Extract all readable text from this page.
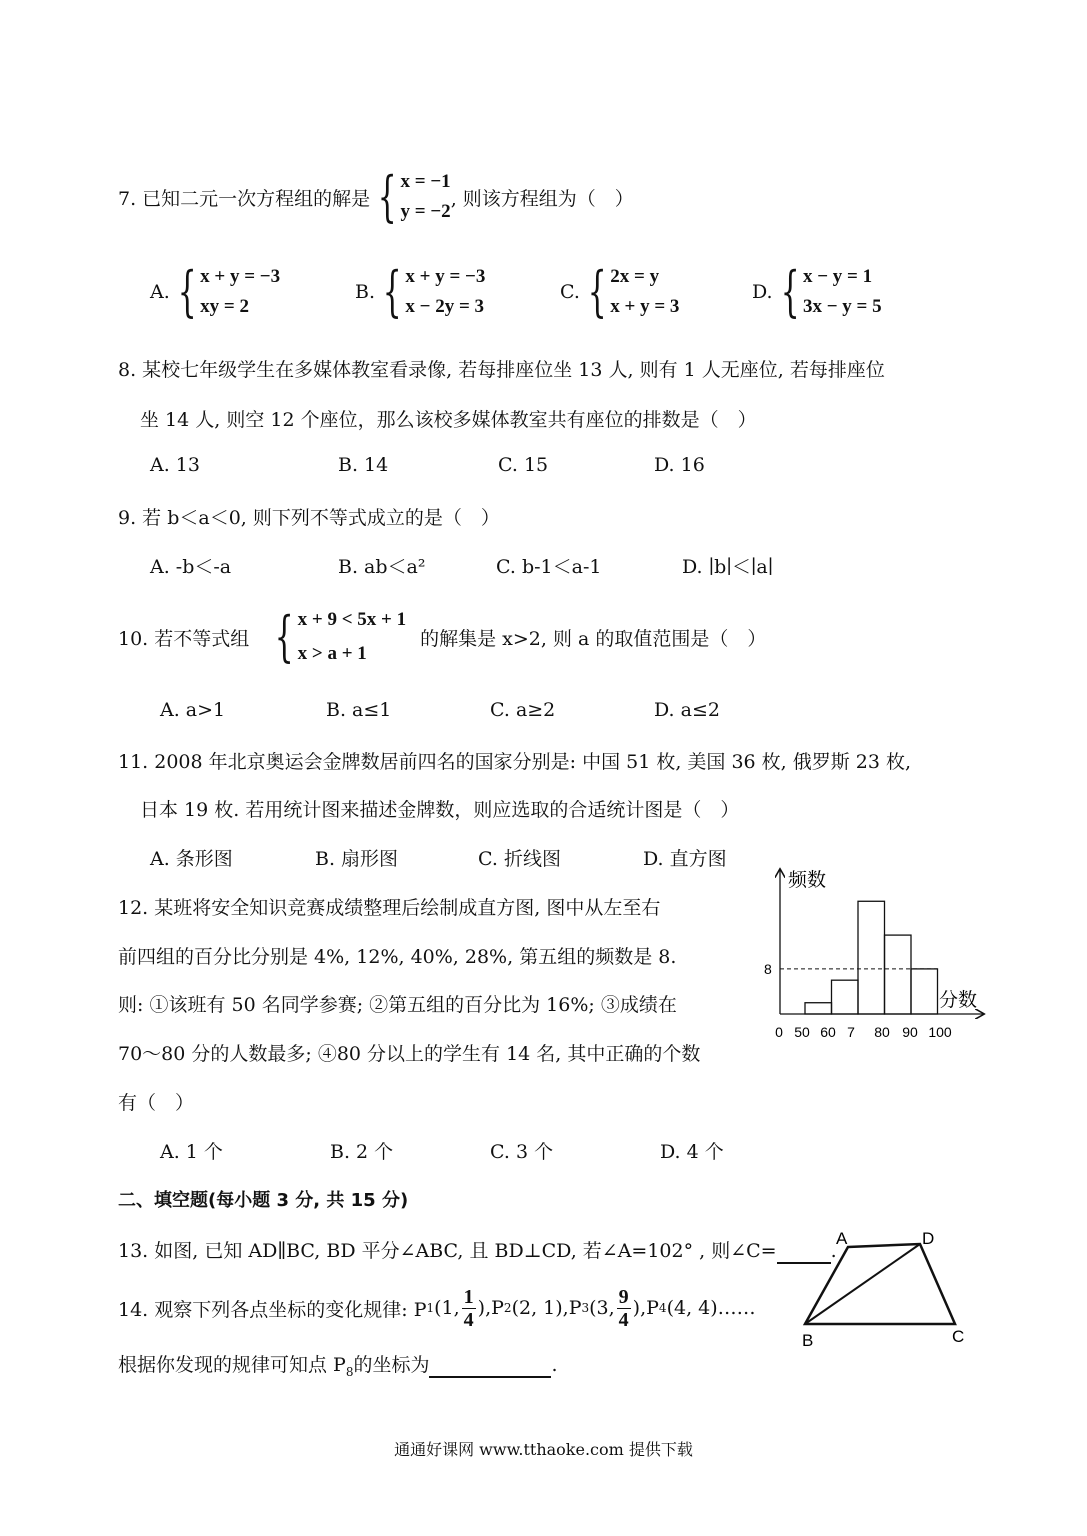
7. 已知二元一次方程组的解是 { x = −1
y = −2
, 则该方程组为（　）
A. { x + y = −3
xy = 2
B. { x + y = −3
x − 2y = 3
C. { 2x = y
x + y = 3
D. { x − y = 1
3x − y = 5
8. 某校七年级学生在多媒体教室看录像, 若每排座位坐 13 人, 则有 1 人无座位, 若每排座位
坐 14 人, 则空 12 个座位，那么该校多媒体教室共有座位的排数是（　）
A. 13	B. 14	C. 15	D. 16
9. 若 b＜a＜0, 则下列不等式成立的是（　）
A. -b＜-a	B. ab＜a²	C. b-1＜a-1	D. ∣b∣＜∣a∣
10. 若不等式组 { x + 9 < 5x + 1
x > a + 1
的解集是 x>2, 则 a 的取值范围是（　）
A. a>1	B. a≤1	C. a≥2	D. a≤2
11. 2008 年北京奥运会金牌数居前四名的国家分别是: 中国 51 枚, 美国 36 枚, 俄罗斯 23 枚,
日本 19 枚. 若用统计图来描述金牌数，则应选取的合适统计图是（　）
A. 条形图	B. 扇形图	C. 折线图	D. 直方图
12. 某班将安全知识竞赛成绩整理后绘制成直方图, 图中从左至右
前四组的百分比分别是 4%, 12%, 40%, 28%, 第五组的频数是 8.
则: ①该班有 50 名同学参赛; ②第五组的百分比为 16%; ③成绩在
70～80 分的人数最多; ④80 分以上的学生有 14 名, 其中正确的个数
有（　）
A. 1 个	B. 2 个	C. 3 个	D. 4 个
频数
分数
0 50 60 7 80 90 100
8
二、填空题(每小题 3 分, 共 15 分)
13. 如图, 已知 AD∥BC, BD 平分∠ABC, 且 BD⊥CD, 若∠A=102° , 则∠C=	.
14. 观察下列各点坐标的变化规律: P 1 (1, $\frac{1}{4}$ ), P 2 (2, 1), P 3 (3, $\frac{9}{4}$ ), P 4 (4, 4)……
根据你发现的规律可知点 $P_8$的坐标为	.
A	D
B	C
通通好课网 www.tthaoke.com 提供下载
